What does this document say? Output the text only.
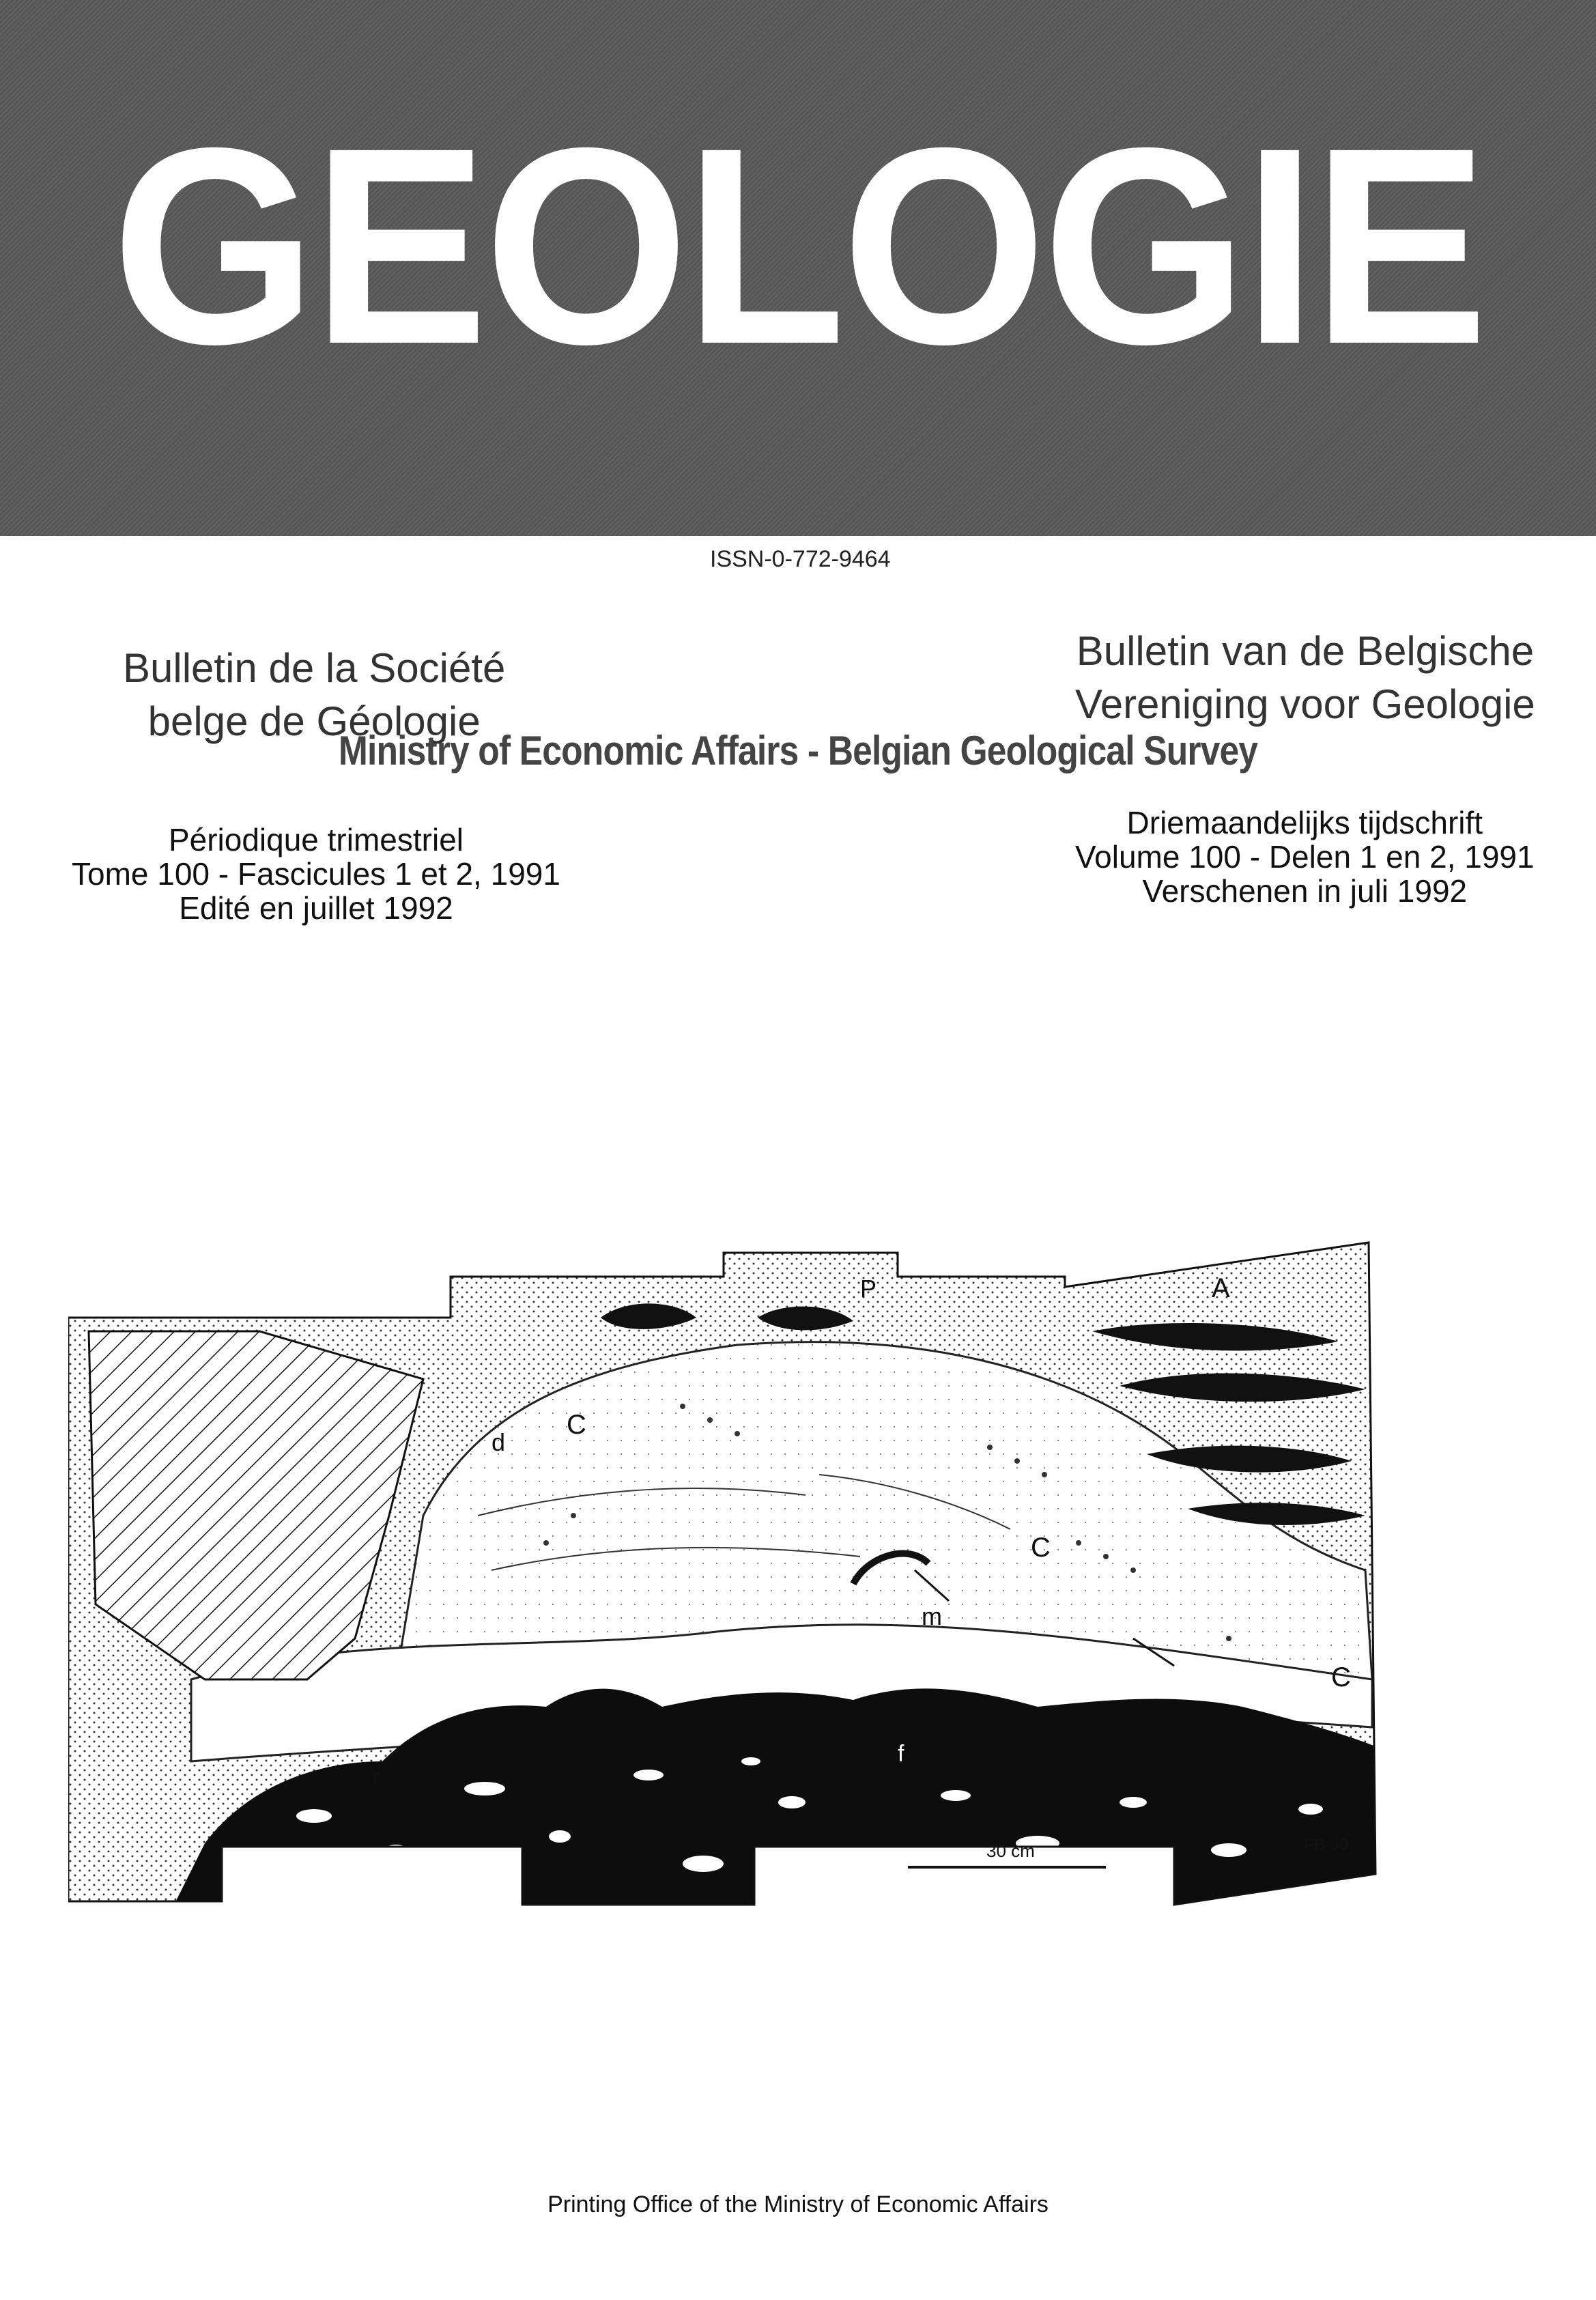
GEOLOGIE
ISSN-0-772-9464
Bulletin de la Société
belge de Géologie
Bulletin van de Belgische
Vereniging voor Geologie
Ministry of Economic Affairs - Belgian Geological Survey
Périodique trimestriel
Tome 100 - Fascicules 1 et 2, 1991
Edité en juillet 1992
Driemaandelijks tijdschrift
Volume 100 - Delen 1 en 2, 1991
Verschenen in juli 1992
A
P
C
C
C
d
m
r
f
30 cm	FB 90
Printing Office of the Ministry of Economic Affairs
